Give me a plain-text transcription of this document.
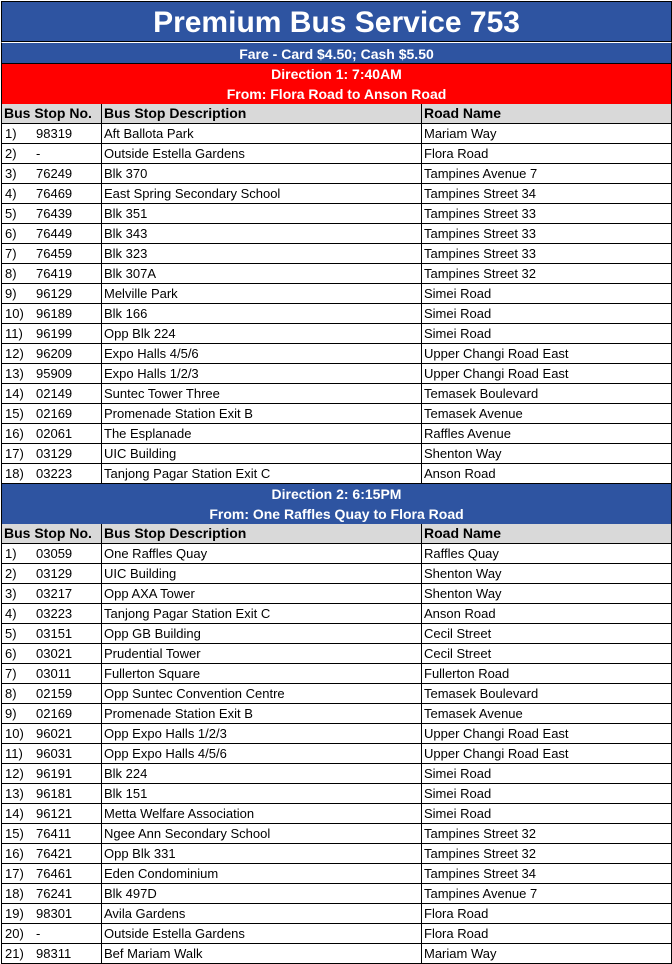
Premium Bus Service 753
Fare - Card $4.50; Cash $5.50
Direction 1: 7:40AM
From: Flora Road to Anson Road
Bus Stop No. Bus Stop Description	Road Name
1) 98319 Aft Ballota Park	Mariam Way
2) -	Outside Estella Gardens	Flora Road
3) 76249 Blk 370	Tampines Avenue 7
4) 76469 East Spring Secondary School	Tampines Street 34
5) 76439 Blk 351	Tampines Street 33
6) 76449 Blk 343	Tampines Street 33
7) 76459 Blk 323	Tampines Street 33
8) 76419 Blk 307A	Tampines Street 32
9) 96129 Melville Park	Simei Road
10) 96189 Blk 166	Simei Road
11) 96199 Opp Blk 224	Simei Road
12) 96209 Expo Halls 4/5/6	Upper Changi Road East
13) 95909 Expo Halls 1/2/3	Upper Changi Road East
14) 02149 Suntec Tower Three	Temasek Boulevard
15) 02169 Promenade Station Exit B	Temasek Avenue
16) 02061 The Esplanade	Raffles Avenue
17) 03129 UIC Building	Shenton Way
18) 03223 Tanjong Pagar Station Exit C	Anson Road
Direction 2: 6:15PM
From: One Raffles Quay to Flora Road
Bus Stop No. Bus Stop Description	Road Name
1) 03059 One Raffles Quay	Raffles Quay
2) 03129 UIC Building	Shenton Way
3) 03217 Opp AXA Tower	Shenton Way
4) 03223 Tanjong Pagar Station Exit C	Anson Road
5) 03151 Opp GB Building	Cecil Street
6) 03021 Prudential Tower	Cecil Street
7) 03011	Fullerton Square	Fullerton Road
8) 02159 Opp Suntec Convention Centre	Temasek Boulevard
9) 02169 Promenade Station Exit B	Temasek Avenue
10) 96021 Opp Expo Halls 1/2/3	Upper Changi Road East
11) 96031 Opp Expo Halls 4/5/6	Upper Changi Road East
12) 96191 Blk 224	Simei Road
13) 96181 Blk 151	Simei Road
14) 96121 Metta Welfare Association	Simei Road
15) 76411	Ngee Ann Secondary School	Tampines Street 32
16) 76421 Opp Blk 331	Tampines Street 32
17) 76461 Eden Condominium	Tampines Street 34
18) 76241 Blk 497D	Tampines Avenue 7
19) 98301 Avila Gardens	Flora Road
20) -	Outside Estella Gardens	Flora Road
21) 98311	Bef Mariam Walk	Mariam Way
